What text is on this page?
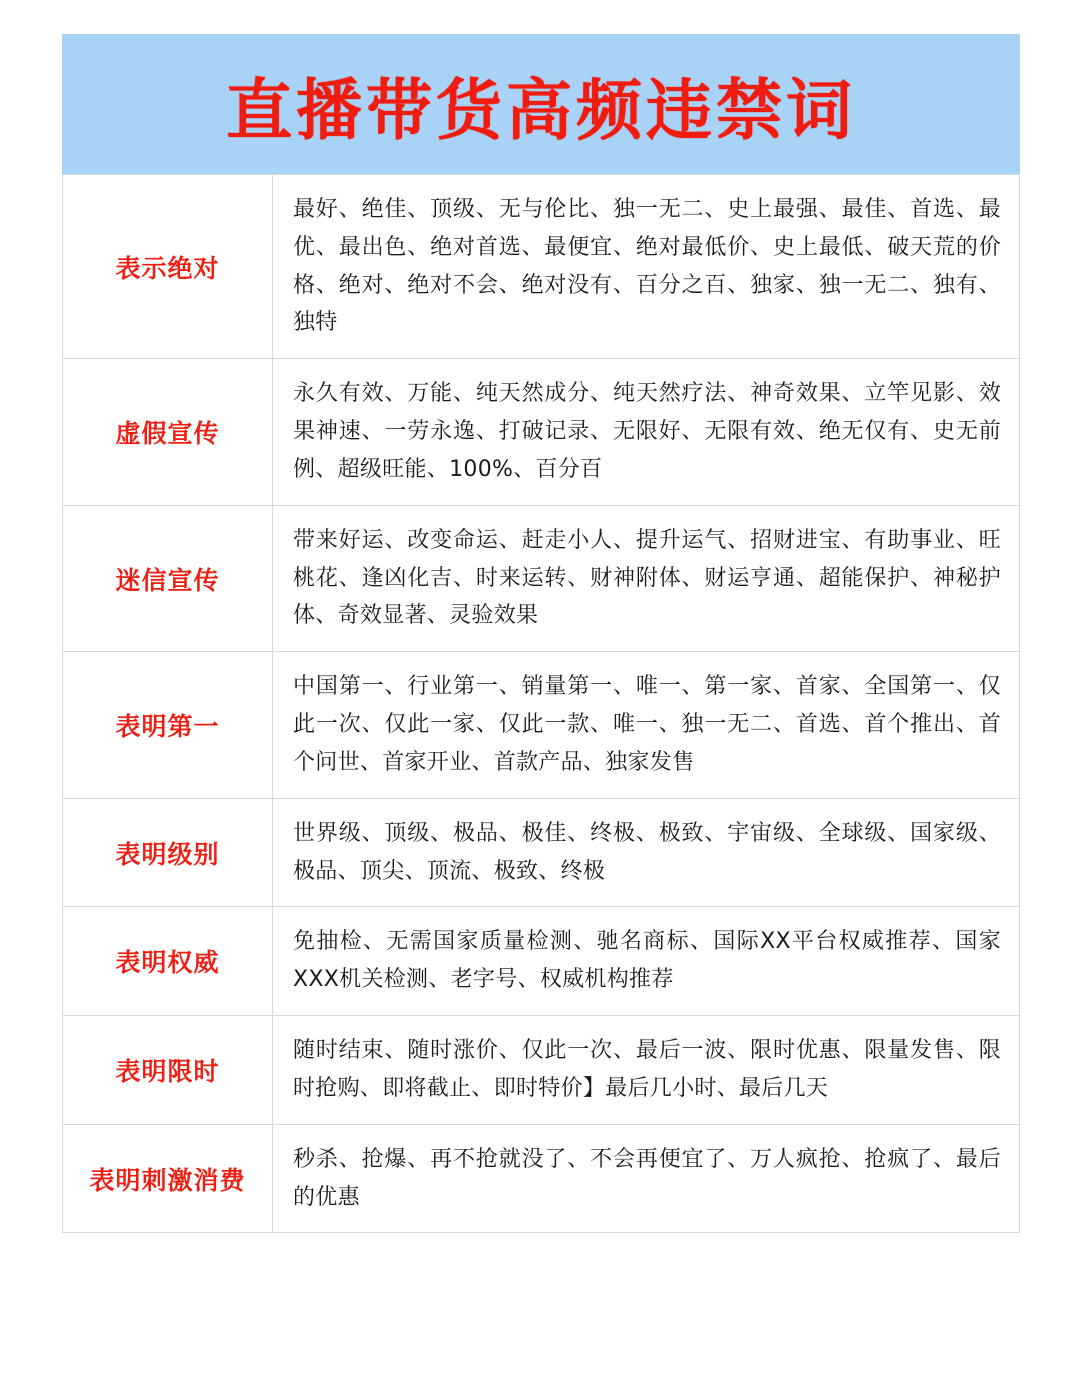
直播带货高频违禁词
表示绝对	最好、绝佳、顶级、无与伦比、独一无二、史上最强、最佳、首选、最优、最出色、绝对首选、最便宜、绝对最低价、史上最低、破天荒的价格、绝对、绝对不会、绝对没有、百分之百、独家、独一无二、独有、独特
虚假宣传	永久有效、万能、纯天然成分、纯天然疗法、神奇效果、立竿见影、效果神速、一劳永逸、打破记录、无限好、无限有效、绝无仅有、史无前例、超级旺能、100%、百分百
迷信宣传	带来好运、改变命运、赶走小人、提升运气、招财进宝、有助事业、旺桃花、逢凶化吉、时来运转、财神附体、财运亨通、超能保护、神秘护体、奇效显著、灵验效果
表明第一	中国第一、行业第一、销量第一、唯一、第一家、首家、全国第一、仅此一次、仅此一家、仅此一款、唯一、独一无二、首选、首个推出、首个问世、首家开业、首款产品、独家发售
表明级别	世界级、顶级、极品、极佳、终极、极致、宇宙级、全球级、国家级、极品、顶尖、顶流、极致、终极
表明权威	免抽检、无需国家质量检测、驰名商标、国际XX平台权威推荐、国家XXX机关检测、老字号、权威机构推荐
表明限时	随时结束、随时涨价、仅此一次、最后一波、限时优惠、限量发售、限时抢购、即将截止、即时特价】最后几小时、最后几天
表明刺激消费	秒杀、抢爆、再不抢就没了、不会再便宜了、万人疯抢、抢疯了、最后的优惠
